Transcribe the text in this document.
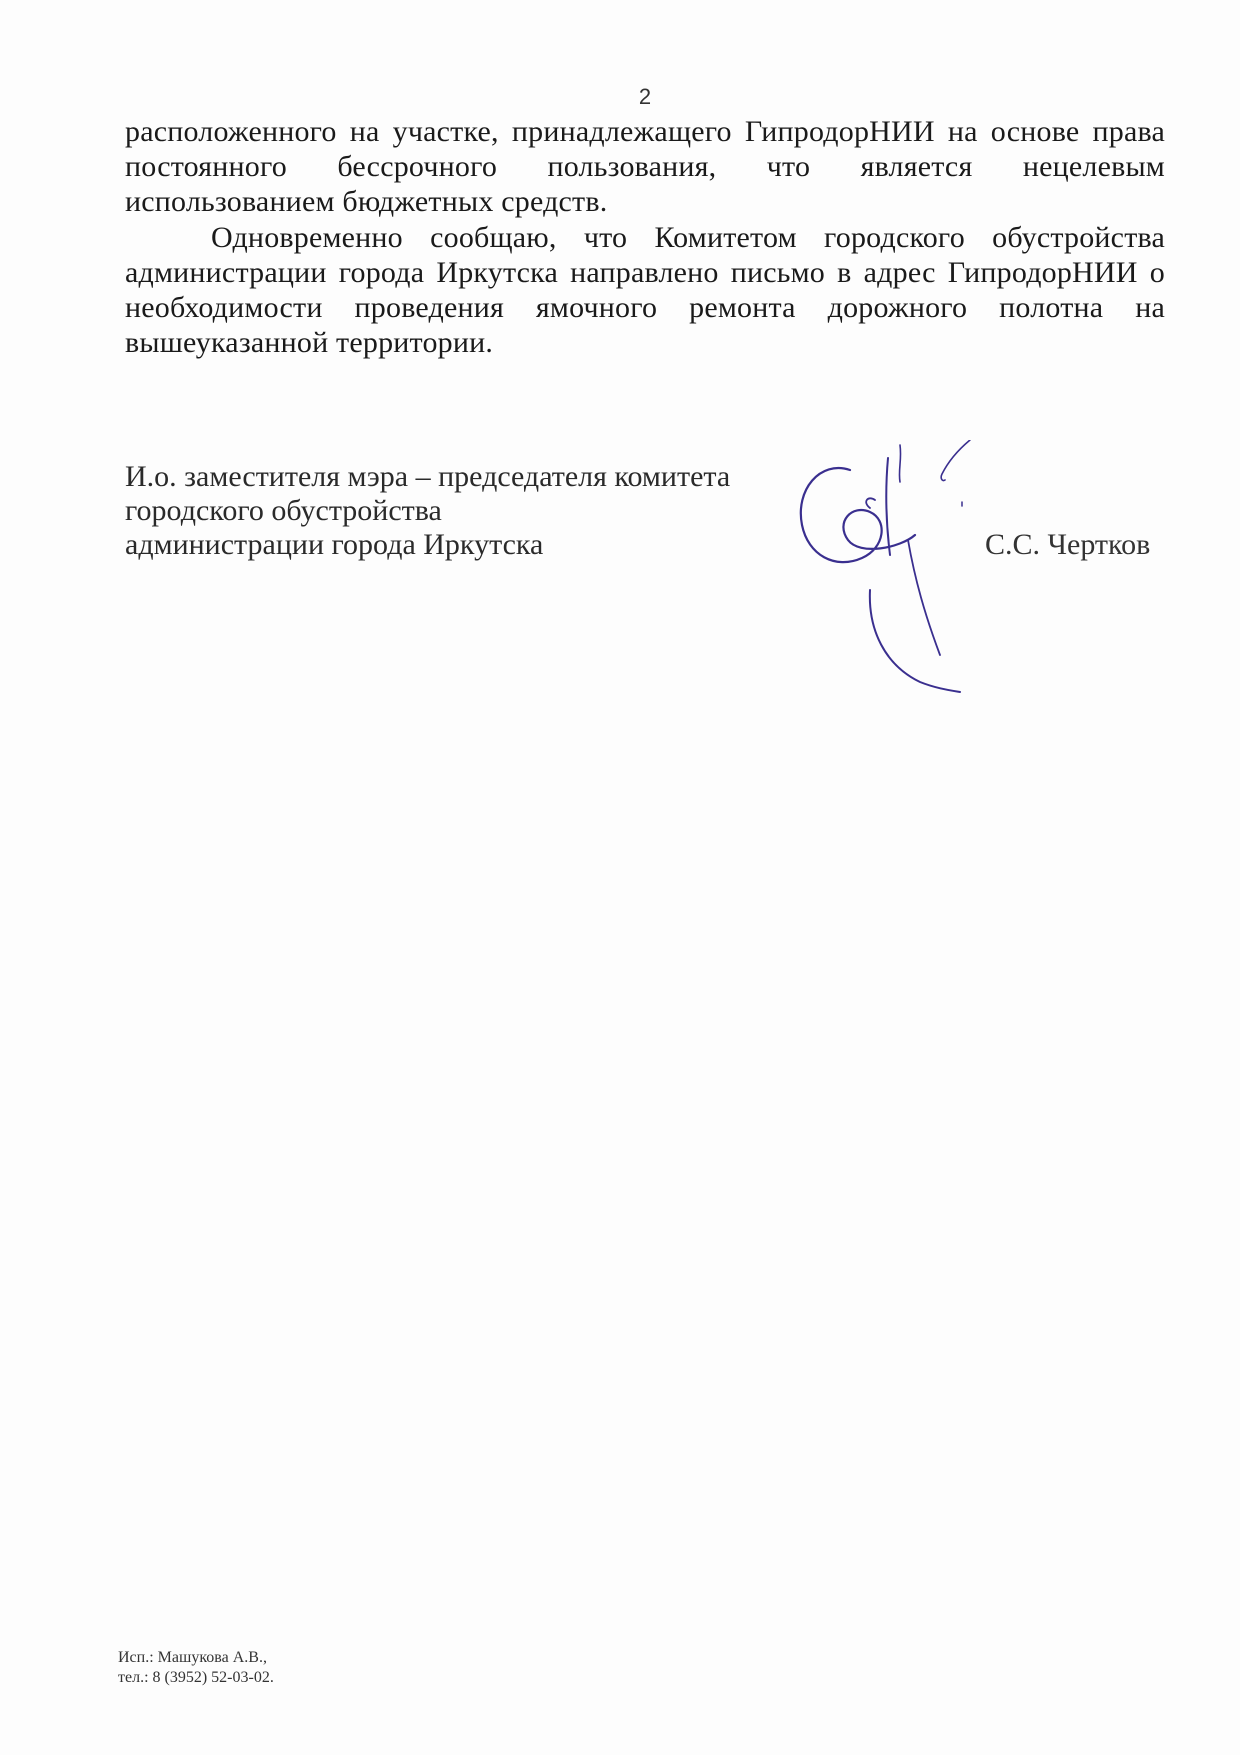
2

расположенного на участке, принадлежащего ГипродорНИИ на основе права постоянного бессрочного пользования, что является нецелевым использованием бюджетных средств.

Одновременно сообщаю, что Комитетом городского обустройства администрации города Иркутска направлено письмо в адрес ГипродорНИИ о необходимости проведения ямочного ремонта дорожного полотна на вышеуказанной территории.

И.о. заместителя мэра – председателя комитета
городского обустройства
администрации города Иркутска	С.С. Чертков
Исп.: Машукова А.В.,
тел.: 8 (3952) 52-03-02.
